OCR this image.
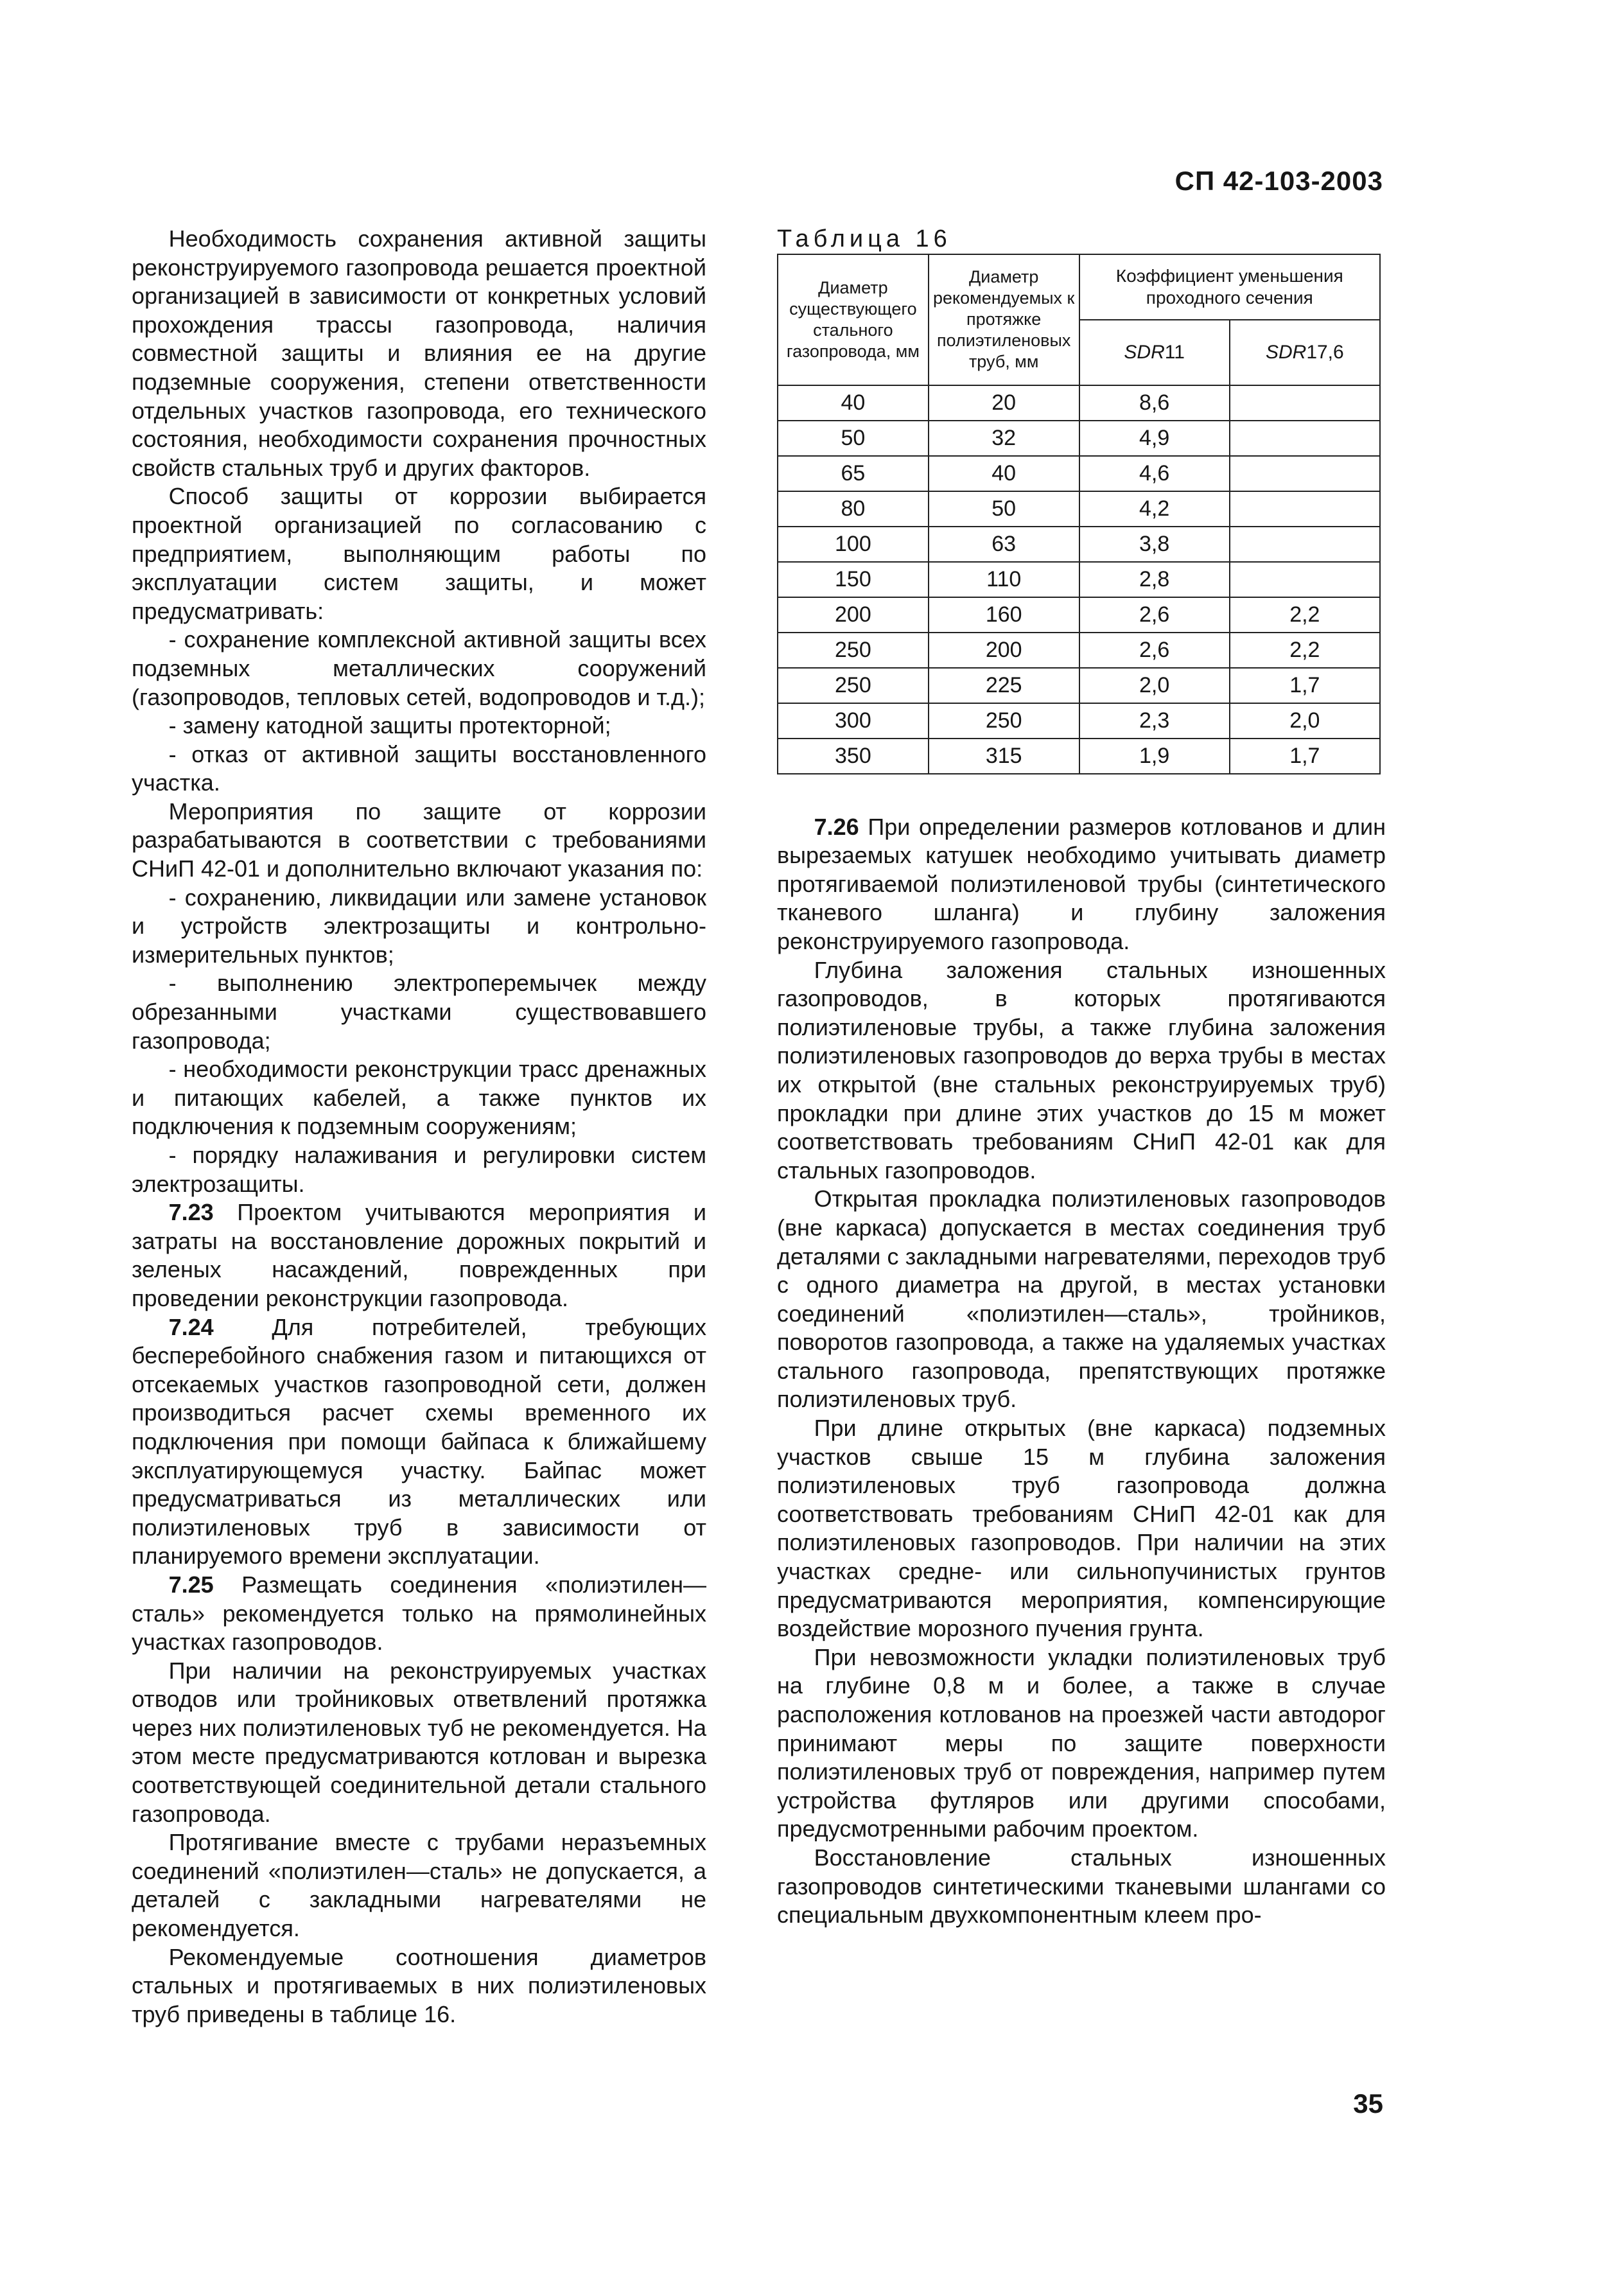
СП 42-103-2003

Необходимость сохранения активной защиты реконструируемого газопровода решается проектной организацией в зависимости от конкретных условий прохождения трассы газопровода, наличия совместной защиты и влияния ее на другие подземные сооружения, степени ответственности отдельных участков газопровода, его технического состояния, необходимости сохранения прочностных свойств стальных труб и других факторов.

Способ защиты от коррозии выбирается проектной организацией по согласованию с предприятием, выполняющим работы по эксплуатации систем защиты, и может предусматривать:

- сохранение комплексной активной защиты всех подземных металлических сооружений (газопроводов, тепловых сетей, водопроводов и т.д.);

- замену катодной защиты протекторной;

- отказ от активной защиты восстановленного участка.

Мероприятия по защите от коррозии разрабатываются в соответствии с требованиями СНиП 42-01 и дополнительно включают указания по:

- сохранению, ликвидации или замене установок и устройств электрозащиты и контрольно-измерительных пунктов;

- выполнению электроперемычек между обрезанными участками существовавшего газопровода;

- необходимости реконструкции трасс дренажных и питающих кабелей, а также пунктов их подключения к подземным сооружениям;

- порядку налаживания и регулировки систем электрозащиты.

7.23 Проектом учитываются мероприятия и затраты на восстановление дорожных покрытий и зеленых насаждений, поврежденных при проведении реконструкции газопровода.

7.24 Для потребителей, требующих бесперебойного снабжения газом и питающихся от отсекаемых участков газопроводной сети, должен производиться расчет схемы временного их подключения при помощи байпаса к ближайшему эксплуатирующемуся участку. Байпас может предусматриваться из металлических или полиэтиленовых труб в зависимости от планируемого времени эксплуатации.

7.25 Размещать соединения «полиэтилен—сталь» рекомендуется только на прямолинейных участках газопроводов.

При наличии на реконструируемых участках отводов или тройниковых ответвлений протяжка через них полиэтиленовых туб не рекомендуется. На этом месте предусматриваются котлован и вырезка соответствующей соединительной детали стального газопровода.

Протягивание вместе с трубами неразъемных соединений «полиэтилен—сталь» не допускается, а деталей с закладными нагревателями не рекомендуется.

Рекомендуемые соотношения диаметров стальных и протягиваемых в них полиэтиленовых труб приведены в таблице 16.

Таблица 16

Диаметр существующего стального газопровода, мм	Диаметр рекомендуемых к протяжке полиэтиленовых труб, мм	Коэффициент уменьшения проходного сечения	
		SDR11	SDR17,6
40	20	8,6	
50	32	4,9	
65	40	4,6	
80	50	4,2	
100	63	3,8	
150	110	2,8	
200	160	2,6	2,2
250	200	2,6	2,2
250	225	2,0	1,7
300	250	2,3	2,0
350	315	1,9	1,7

7.26 При определении размеров котлованов и длин вырезаемых катушек необходимо учитывать диаметр протягиваемой полиэтиленовой трубы (синтетического тканевого шланга) и глубину заложения реконструируемого газопровода.

Глубина заложения стальных изношенных газопроводов, в которых протягиваются полиэтиленовые трубы, а также глубина заложения полиэтиленовых газопроводов до верха трубы в местах их открытой (вне стальных реконструируемых труб) прокладки при длине этих участков до 15 м может соответствовать требованиям СНиП 42-01 как для стальных газопроводов.

Открытая прокладка полиэтиленовых газопроводов (вне каркаса) допускается в местах соединения труб деталями с закладными нагревателями, переходов труб с одного диаметра на другой, в местах установки соединений «полиэтилен—сталь», тройников, поворотов газопровода, а также на удаляемых участках стального газопровода, препятствующих протяжке полиэтиленовых труб.

При длине открытых (вне каркаса) подземных участков свыше 15 м глубина заложения полиэтиленовых труб газопровода должна соответствовать требованиям СНиП 42-01 как для полиэтиленовых газопроводов. При наличии на этих участках средне- или сильнопучинистых грунтов предусматриваются мероприятия, компенсирующие воздействие морозного пучения грунта.

При невозможности укладки полиэтиленовых труб на глубине 0,8 м и более, а также в случае расположения котлованов на проезжей части автодорог принимают меры по защите поверхности полиэтиленовых труб от повреждения, например путем устройства футляров или другими способами, предусмотренными рабочим проектом.

Восстановление стальных изношенных газопроводов синтетическими тканевыми шлангами со специальным двухкомпонентным клеем про-

35
